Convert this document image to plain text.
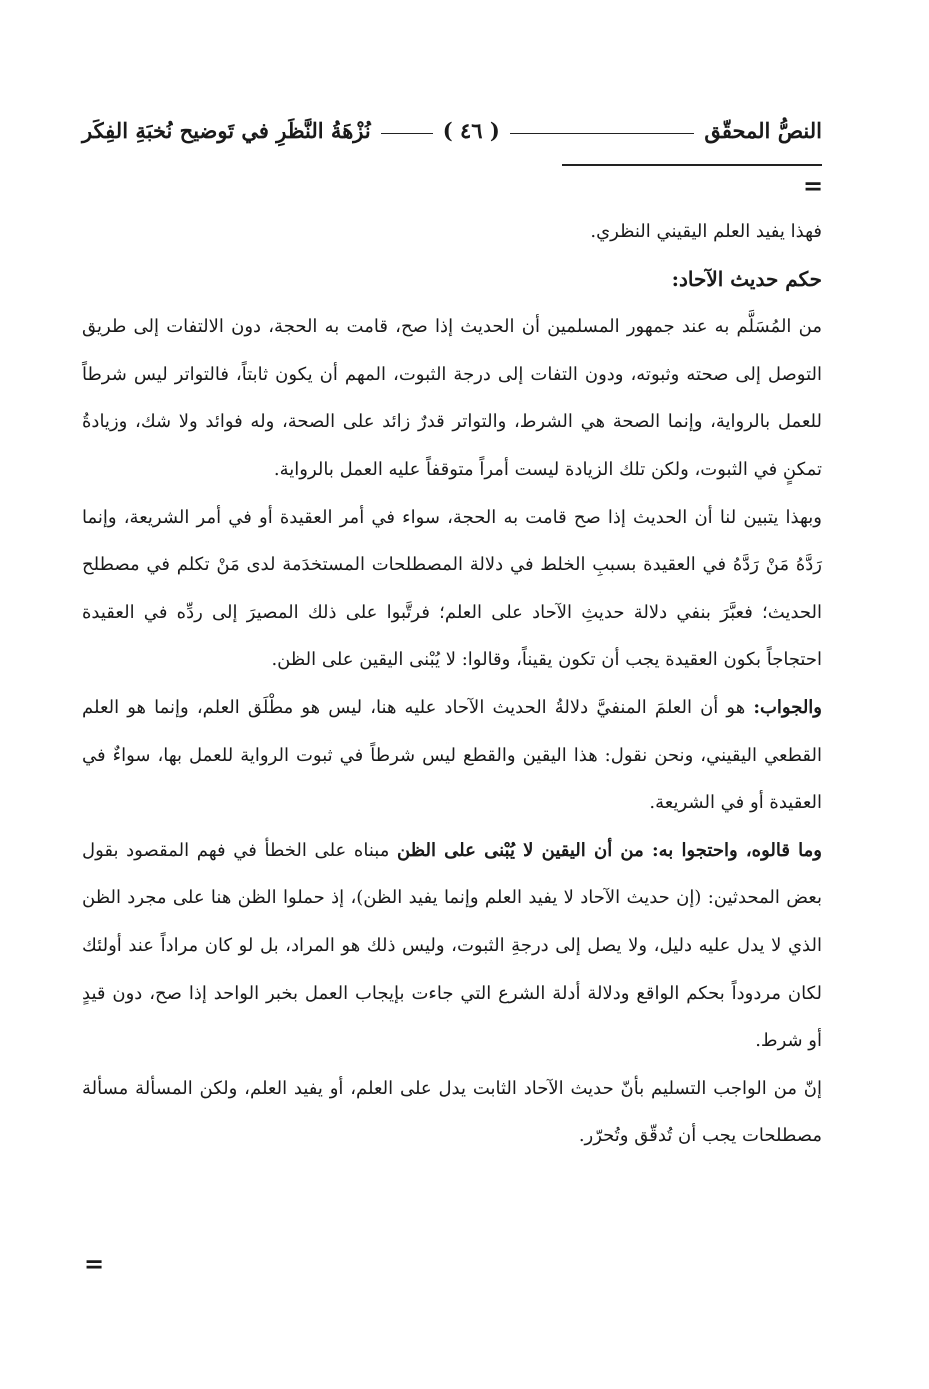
النصُّ المحقّق
( ٤٦ )
نُزْهَةُ النَّظَرِ في تَوضيح نُخبَةِ الفِكَر
=

فهذا يفيد العلم اليقيني النظري.

حكم حديث الآحاد:

من المُسَلَّم به عند جمهور المسلمين أن الحديث إذا صح، قامت به الحجة، دون الالتفات إلى طريق التوصل إلى صحته وثبوته، ودون التفات إلى درجة الثبوت، المهم أن يكون ثابتاً، فالتواتر ليس شرطاً للعمل بالرواية، وإنما الصحة هي الشرط، والتواتر قدرٌ زائد على الصحة، وله فوائد ولا شك، وزيادةُ تمكنٍ في الثبوت، ولكن تلك الزيادة ليست أمراً متوقفاً عليه العمل بالرواية.

وبهذا يتبين لنا أن الحديث إذا صح قامت به الحجة، سواء في أمر العقيدة أو في أمر الشريعة، وإنما رَدَّهُ مَنْ رَدَّهُ في العقيدة بسببِ الخلط في دلالة المصطلحات المستخدَمة لدى مَنْ تكلم في مصطلح الحديث؛ فعبَّرَ بنفي دلالة حديثِ الآحاد على العلم؛ فرتَّبوا على ذلك المصيرَ إلى ردِّه في العقيدة احتجاجاً بكون العقيدة يجب أن تكون يقيناً، وقالوا: لا يُبْنى اليقين على الظن.

والجواب: هو أن العلمَ المنفيَّ دلالةُ الحديث الآحاد عليه هنا، ليس هو مطْلَق العلم، وإنما هو العلم القطعي اليقيني، ونحن نقول: هذا اليقين والقطع ليس شرطاً في ثبوت الرواية للعمل بها، سواءٌ في العقيدة أو في الشريعة.

وما قالوه، واحتجوا به: من أن اليقين لا يُبْنى على الظن مبناه على الخطأ في فهم المقصود بقول بعض المحدثين: (إن حديث الآحاد لا يفيد العلم وإنما يفيد الظن)، إذ حملوا الظن هنا على مجرد الظن الذي لا يدل عليه دليل، ولا يصل إلى درجةِ الثبوت، وليس ذلك هو المراد، بل لو كان مراداً عند أولئك لكان مردوداً بحكم الواقع ودلالة أدلة الشرع التي جاءت بإيجاب العمل بخبر الواحد إذا صح، دون قيدٍ أو شرط.

إنّ من الواجب التسليم بأنّ حديث الآحاد الثابت يدل على العلم، أو يفيد العلم، ولكن المسألة مسألة مصطلحات يجب أن تُدقّق وتُحرّر.

=
